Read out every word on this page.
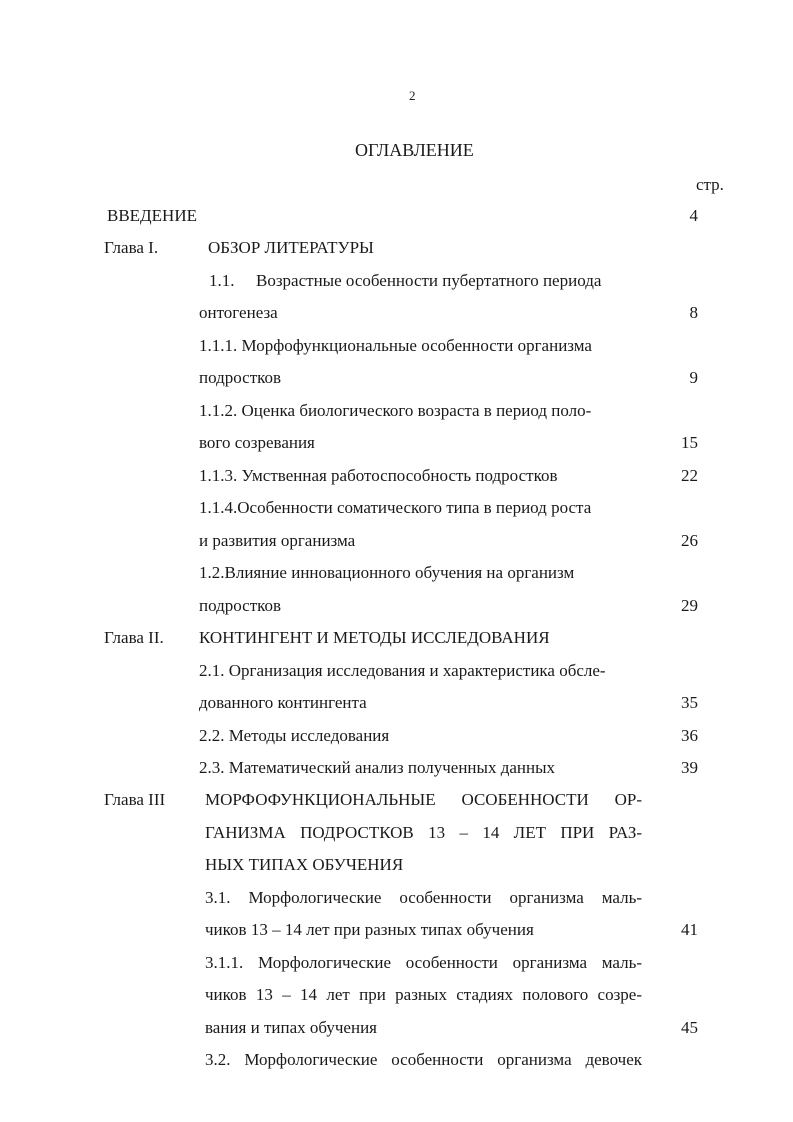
2
ОГЛАВЛЕНИЕ
стр.
ВВЕДЕНИЕ	4
Глава I.	ОБЗОР ЛИТЕРАТУРЫ
1.1. Возрастные особенности пубертатного периода
онтогенеза	8
1.1.1. Морфофункциональные особенности организма
подростков	9
1.1.2. Оценка биологического возраста в период поло-
вого созревания	15
1.1.3. Умственная работоспособность подростков	22
1.1.4.Особенности соматического типа в период роста
и развития организма	26
1.2.Влияние инновационного обучения на организм
подростков	29
Глава II. КОНТИНГЕНТ И МЕТОДЫ ИССЛЕДОВАНИЯ
2.1. Организация исследования и характеристика обсле-
дованного контингента	35
2.2. Методы исследования	36
2.3. Математический анализ полученных данных	39
Глава III МОРФОФУНКЦИОНАЛЬНЫЕ ОСОБЕННОСТИ ОР-
ГАНИЗМА ПОДРОСТКОВ 13 – 14 ЛЕТ ПРИ РАЗ-
НЫХ ТИПАХ ОБУЧЕНИЯ
3.1. Морфологические особенности организма маль-
чиков 13 – 14 лет при разных типах обучения	41
3.1.1. Морфологические особенности организма маль-
чиков 13 – 14 лет при разных стадиях полового созре-
вания и типах обучения	45
3.2. Морфологические особенности организма девочек
